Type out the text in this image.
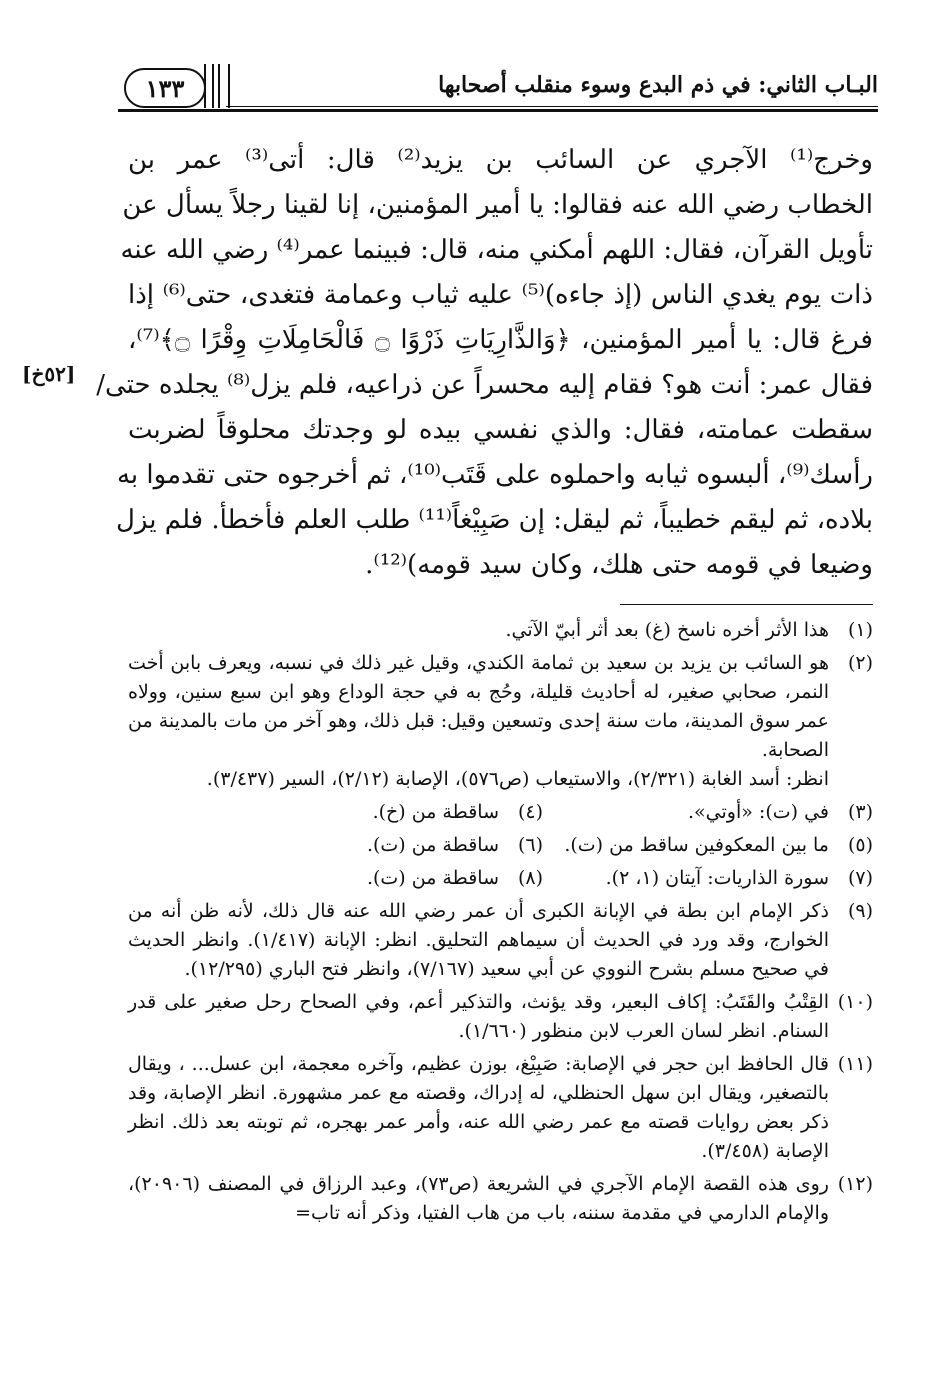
١٣٣	البـاب الثاني: في ذم البدع وسوء منقلب أصحابها
[٥٢خ]
وخرج⁽¹⁾ الآجري عن السائب بن يزيد⁽²⁾ قال: أتى⁽³⁾ عمر بن
الخطاب رضي الله عنه فقالوا: يا أمير المؤمنين، إنا لقينا رجلاً يسأل عن
تأويل القرآن، فقال: اللهم أمكني منه، قال: فبينما عمر⁽⁴⁾ رضي الله عنه
ذات يوم يغدي الناس (إذ جاءه)⁽⁵⁾ عليه ثياب وعمامة فتغدى، حتى⁽⁶⁾ إذا
فرغ قال: يا أمير المؤمنين، ﴿وَالذَّارِيَاتِ ذَرْوًا ۝ فَالْحَامِلَاتِ وِقْرًا ۝﴾⁽⁷⁾،
فقال عمر: أنت هو؟ فقام إليه محسراً عن ذراعيه، فلم يزل⁽⁸⁾ يجلده حتى/
سقطت عمامته، فقال: والذي نفسي بيده لو وجدتك محلوقاً لضربت
رأسك⁽⁹⁾، ألبسوه ثيابه واحملوه على قَتَب⁽¹⁰⁾، ثم أخرجوه حتى تقدموا به
بلاده، ثم ليقم خطيباً، ثم ليقل: إن صَبِيْغاً⁽¹¹⁾ طلب العلم فأخطأ. فلم يزل
وضيعا في قومه حتى هلك، وكان سيد قومه)⁽¹²⁾.
(١)
هذا الأثر أخره ناسخ (غ) بعد أثر أبيّ الآتي.
(٢)
هو السائب بن يزيد بن سعيد بن ثمامة الكندي، وقيل غير ذلك في نسبه، ويعرف بابن أخت النمر، صحابي صغير، له أحاديث قليلة، وحُج به في حجة الوداع وهو ابن سبع سنين، وولاه عمر سوق المدينة، مات سنة إحدى وتسعين وقيل: قبل ذلك، وهو آخر من مات بالمدينة من الصحابة.
انظر: أسد الغابة (٢/٣٢١)، والاستيعاب (ص٥٧٦)، الإصابة (٢/١٢)، السير (٣/٤٣٧).
(٣)
في (ت): «أوتي».
(٤)
ساقطة من (خ).
(٥)
ما بين المعكوفين ساقط من (ت).
(٦)
ساقطة من (ت).
(٧)
سورة الذاريات: آيتان (١، ٢).
(٨)
ساقطة من (ت).
(٩)
ذكر الإمام ابن بطة في الإبانة الكبرى أن عمر رضي الله عنه قال ذلك، لأنه ظن أنه من الخوارج، وقد ورد في الحديث أن سيماهم التحليق. انظر: الإبانة (١/٤١٧). وانظر الحديث في صحيح مسلم بشرح النووي عن أبي سعيد (٧/١٦٧)، وانظر فتح الباري (١٢/٢٩٥).
(١٠)
القِتْبُ والقَتَبُ: إكاف البعير، وقد يؤنث، والتذكير أعم، وفي الصحاح رحل صغير على قدر السنام. انظر لسان العرب لابن منظور (١/٦٦٠).
(١١)
قال الحافظ ابن حجر في الإصابة: صَبِيْغ، بوزن عظيم، وآخره معجمة، ابن عسل... ، ويقال بالتصغير، ويقال ابن سهل الحنظلي، له إدراك، وقصته مع عمر مشهورة. انظر الإصابة، وقد ذكر بعض روايات قصته مع عمر رضي الله عنه، وأمر عمر بهجره، ثم توبته بعد ذلك. انظر الإصابة (٣/٤٥٨).
(١٢)
روى هذه القصة الإمام الآجري في الشريعة (ص٧٣)، وعبد الرزاق في المصنف (٢٠٩٠٦)، والإمام الدارمي في مقدمة سننه، باب من هاب الفتيا، وذكر أنه تاب=
